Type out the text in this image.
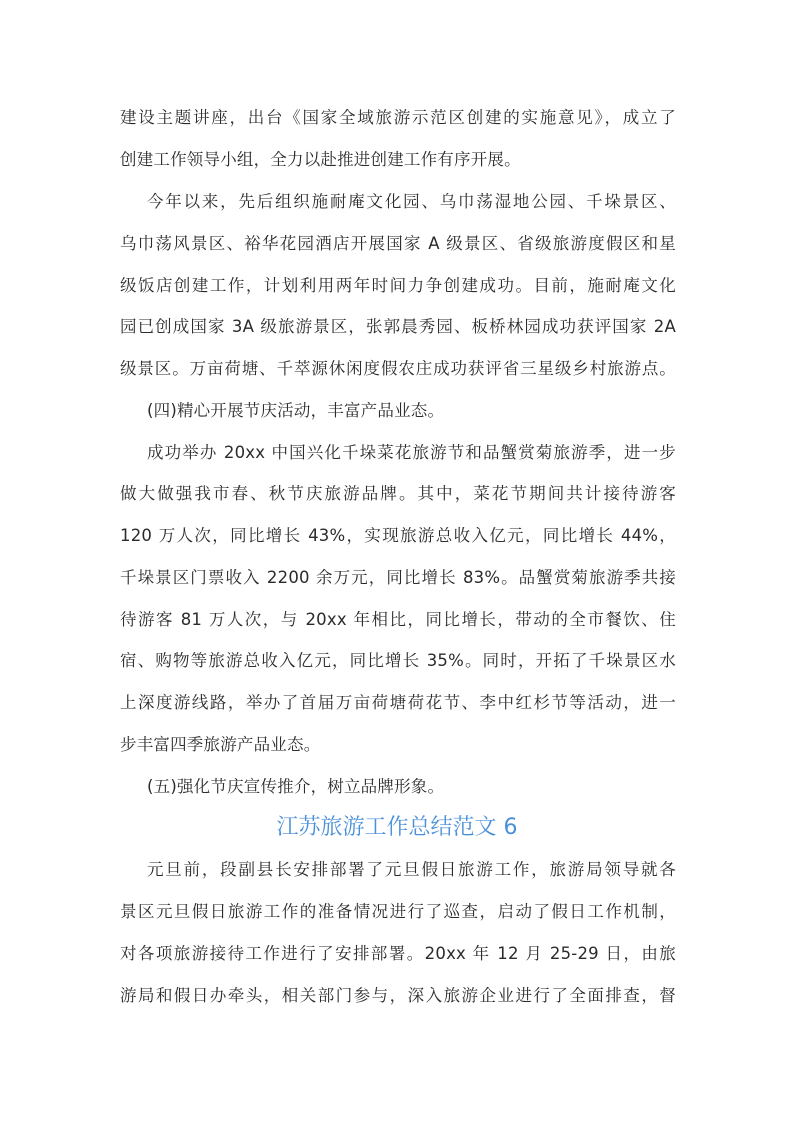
建设主题讲座，出台《国家全域旅游示范区创建的实施意见》，成立了
创建工作领导小组，全力以赴推进创建工作有序开展。
今年以来，先后组织施耐庵文化园、乌巾荡湿地公园、千垛景区、
乌巾荡风景区、裕华花园酒店开展国家 A 级景区、省级旅游度假区和星
级饭店创建工作，计划利用两年时间力争创建成功。目前，施耐庵文化
园已创成国家 3A 级旅游景区，张郭晨秀园、板桥林园成功获评国家 2A
级景区。万亩荷塘、千萃源休闲度假农庄成功获评省三星级乡村旅游点。
(四)精心开展节庆活动，丰富产品业态。
成功举办 20xx 中国兴化千垛菜花旅游节和品蟹赏菊旅游季，进一步
做大做强我市春、秋节庆旅游品牌。其中，菜花节期间共计接待游客
120 万人次，同比增长 43%，实现旅游总收入亿元，同比增长 44%，
千垛景区门票收入 2200 余万元，同比增长 83%。品蟹赏菊旅游季共接
待游客 81 万人次，与 20xx 年相比，同比增长，带动的全市餐饮、住
宿、购物等旅游总收入亿元，同比增长 35%。同时，开拓了千垛景区水
上深度游线路，举办了首届万亩荷塘荷花节、李中红杉节等活动，进一
步丰富四季旅游产品业态。
(五)强化节庆宣传推介，树立品牌形象。
江苏旅游工作总结范文 6
元旦前，段副县长安排部署了元旦假日旅游工作，旅游局领导就各
景区元旦假日旅游工作的准备情况进行了巡查，启动了假日工作机制，
对各项旅游接待工作进行了安排部署。20xx 年 12 月 25-29 日，由旅
游局和假日办牵头，相关部门参与，深入旅游企业进行了全面排查，督
